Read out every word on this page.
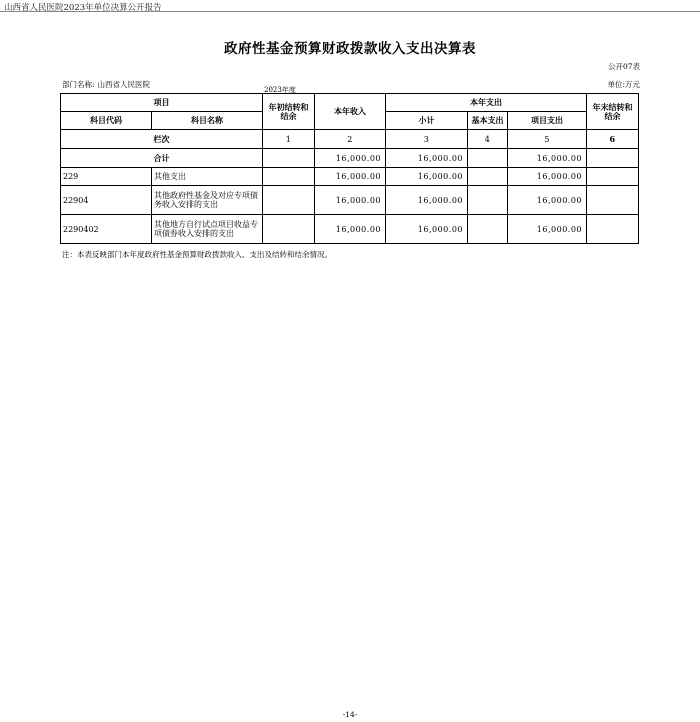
山西省人民医院2023年单位决算公开报告
政府性基金预算财政拨款收入支出决算表
公开07表
部门名称: 山西省人民医院
2023年度
单位:万元
项目		年初结转和结余	本年收入	本年支出			年末结转和结余
科目代码	科目名称			小计	基本支出	项目支出	
栏次		1	2	3	4	5	6
合计			16,000.00	16,000.00		16,000.00	
229	其他支出		16,000.00	16,000.00		16,000.00	
22904	其他政府性基金及对应专项债务收入安排的支出		16,000.00	16,000.00		16,000.00	
2290402	其他地方自行试点项目收益专项债券收入安排的支出		16,000.00	16,000.00		16,000.00	
注：本表反映部门本年度政府性基金预算财政拨款收入、支出及结转和结余情况。
-14-
